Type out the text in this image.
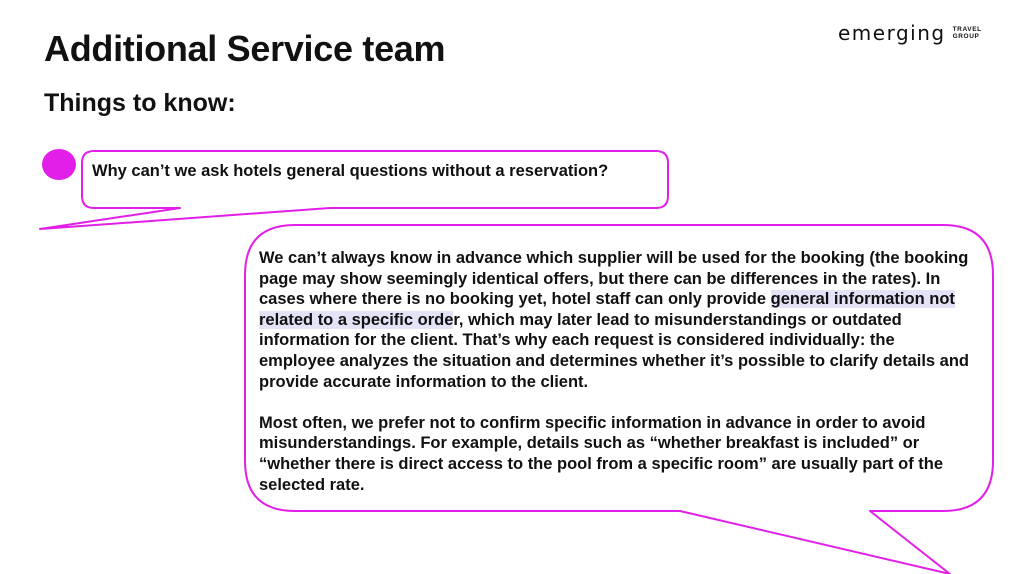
Additional Service team
Things to know:
emerging TRAVEL
GROUP

Why can’t we ask hotels general questions without a reservation?

We can’t always know in advance which supplier will be used for the booking (the booking page may show seemingly identical offers, but there can be differences in the rates). In cases where there is no booking yet, hotel staff can only provide general information not related to a specific order, which may later lead to misunderstandings or outdated information for the client. That’s why each request is considered individually: the employee analyzes the situation and determines whether it’s possible to clarify details and provide accurate information to the client.

Most often, we prefer not to confirm specific information in advance in order to avoid misunderstandings. For example, details such as “whether breakfast is included” or “whether there is direct access to the pool from a specific room” are usually part of the selected rate.
